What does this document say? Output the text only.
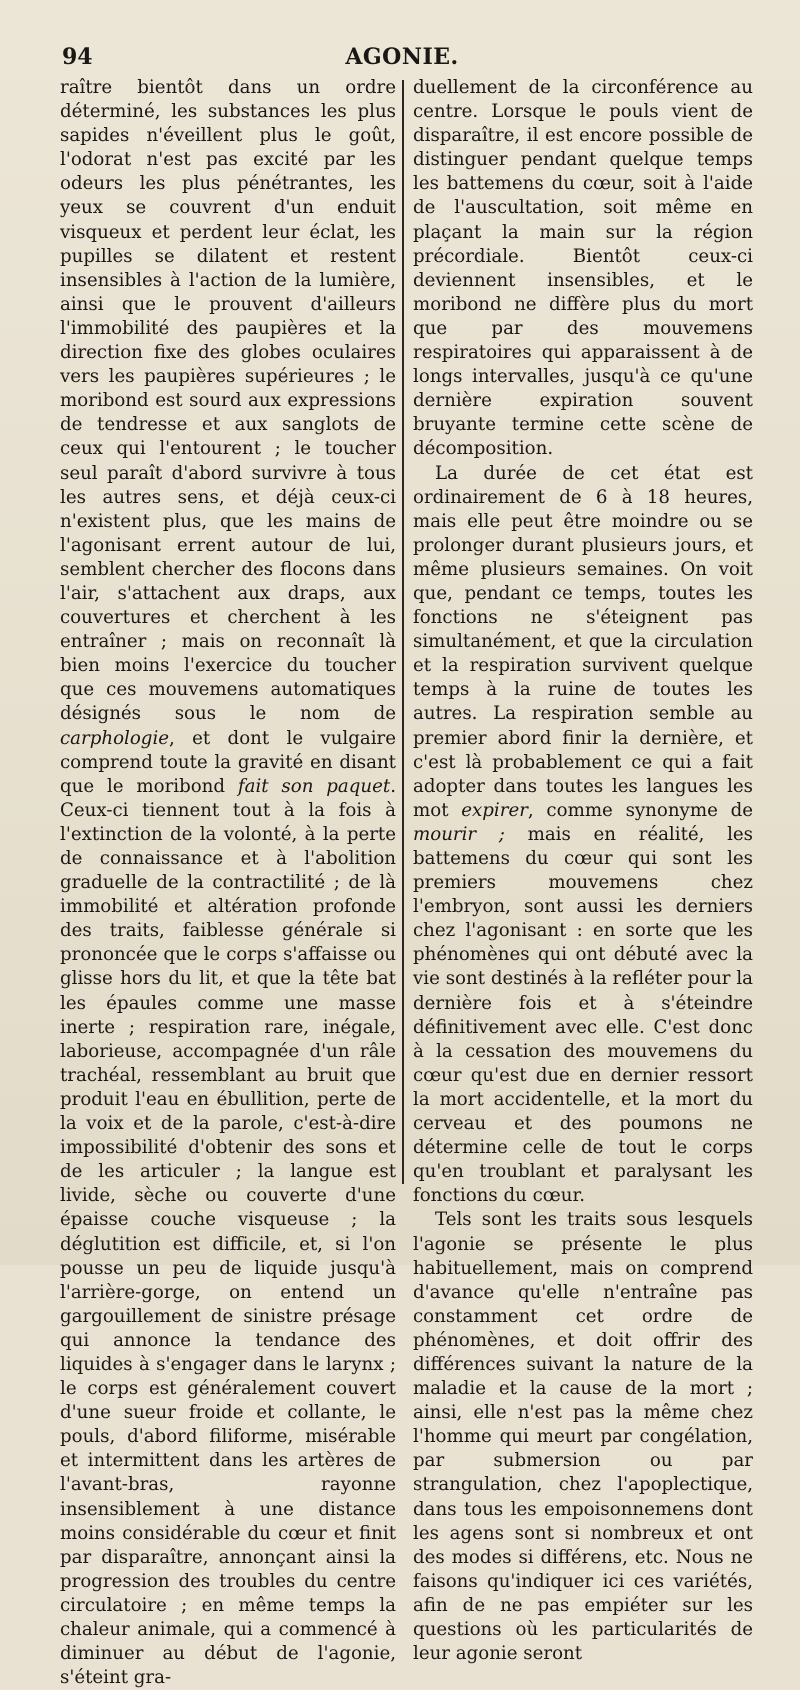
94	AGONIE.

raître bientôt dans un ordre déterminé, les substances les plus sapides n'éveillent plus le goût, l'odorat n'est pas excité par les odeurs les plus pénétrantes, les yeux se couvrent d'un enduit visqueux et perdent leur éclat, les pupilles se dilatent et restent insensibles à l'action de la lumière, ainsi que le prouvent d'ailleurs l'immobilité des paupières et la direction fixe des globes oculaires vers les paupières supérieures ; le moribond est sourd aux expressions de tendresse et aux sanglots de ceux qui l'entourent ; le toucher seul paraît d'abord survivre à tous les autres sens, et déjà ceux-ci n'existent plus, que les mains de l'agonisant errent autour de lui, semblent chercher des flocons dans l'air, s'attachent aux draps, aux couvertures et cherchent à les entraîner ; mais on reconnaît là bien moins l'exercice du toucher que ces mouvemens automatiques désignés sous le nom de carphologie, et dont le vulgaire comprend toute la gravité en disant que le moribond fait son paquet. Ceux-ci tiennent tout à la fois à l'extinction de la volonté, à la perte de connaissance et à l'abolition graduelle de la contractilité ; de là immobilité et altération profonde des traits, faiblesse générale si prononcée que le corps s'affaisse ou glisse hors du lit, et que la tête bat les épaules comme une masse inerte ; respiration rare, inégale, laborieuse, accompagnée d'un râle trachéal, ressemblant au bruit que produit l'eau en ébullition, perte de la voix et de la parole, c'est-à-dire impossibilité d'obtenir des sons et de les articuler ; la langue est livide, sèche ou couverte d'une épaisse couche visqueuse ; la déglutition est difficile, et, si l'on pousse un peu de liquide jusqu'à l'arrière-gorge, on entend un gargouillement de sinistre présage qui annonce la tendance des liquides à s'engager dans le larynx ; le corps est généralement couvert d'une sueur froide et collante, le pouls, d'abord filiforme, misérable et intermittent dans les artères de l'avant-bras, rayonne insensiblement à une distance moins considérable du cœur et finit par disparaître, annonçant ainsi la progression des troubles du centre circulatoire ; en même temps la chaleur animale, qui a commencé à diminuer au début de l'agonie, s'éteint gra-

duellement de la circonférence au centre. Lorsque le pouls vient de disparaître, il est encore possible de distinguer pendant quelque temps les battemens du cœur, soit à l'aide de l'auscultation, soit même en plaçant la main sur la région précordiale. Bientôt ceux-ci deviennent insensibles, et le moribond ne diffère plus du mort que par des mouvemens respiratoires qui apparaissent à de longs intervalles, jusqu'à ce qu'une dernière expiration souvent bruyante termine cette scène de décomposition.

La durée de cet état est ordinairement de 6 à 18 heures, mais elle peut être moindre ou se prolonger durant plusieurs jours, et même plusieurs semaines. On voit que, pendant ce temps, toutes les fonctions ne s'éteignent pas simultanément, et que la circulation et la respiration survivent quelque temps à la ruine de toutes les autres. La respiration semble au premier abord finir la dernière, et c'est là probablement ce qui a fait adopter dans toutes les langues les mot expirer, comme synonyme de mourir ; mais en réalité, les battemens du cœur qui sont les premiers mouvemens chez l'embryon, sont aussi les derniers chez l'agonisant : en sorte que les phénomènes qui ont débuté avec la vie sont destinés à la refléter pour la dernière fois et à s'éteindre définitivement avec elle. C'est donc à la cessation des mouvemens du cœur qu'est due en dernier ressort la mort accidentelle, et la mort du cerveau et des poumons ne détermine celle de tout le corps qu'en troublant et paralysant les fonctions du cœur.

Tels sont les traits sous lesquels l'agonie se présente le plus habituellement, mais on comprend d'avance qu'elle n'entraîne pas constamment cet ordre de phénomènes, et doit offrir des différences suivant la nature de la maladie et la cause de la mort ; ainsi, elle n'est pas la même chez l'homme qui meurt par congélation, par submersion ou par strangulation, chez l'apoplectique, dans tous les empoisonnemens dont les agens sont si nombreux et ont des modes si différens, etc. Nous ne faisons qu'indiquer ici ces variétés, afin de ne pas empiéter sur les questions où les particularités de leur agonie seront
